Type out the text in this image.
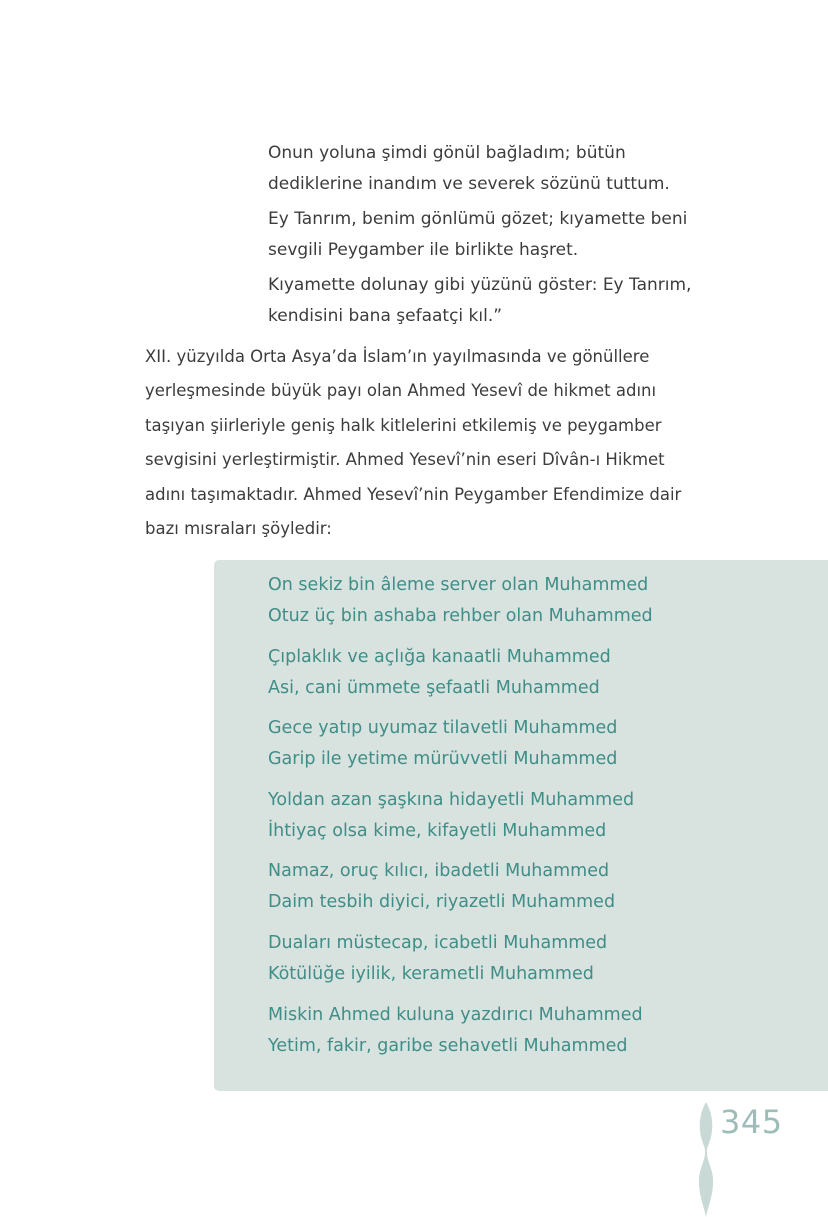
Onun yoluna şimdi gönül bağladım; bütün
dediklerine inandım ve severek sözünü tuttum.
Ey Tanrım, benim gönlümü gözet; kıyamette beni
sevgili Peygamber ile birlikte haşret.
Kıyamette dolunay gibi yüzünü göster: Ey Tanrım,
kendisini bana şefaatçi kıl.”
XII. yüzyılda Orta Asya’da İslam’ın yayılmasında ve gönüllere
yerleşmesinde büyük payı olan Ahmed Yesevî de hikmet adını
taşıyan şiirleriyle geniş halk kitlelerini etkilemiş ve peygamber
sevgisini yerleştirmiştir. Ahmed Yesevî’nin eseri Dîvân-ı Hikmet
adını taşımaktadır. Ahmed Yesevî’nin Peygamber Efendimize dair
bazı mısraları şöyledir:
On sekiz bin âleme server olan Muhammed
Otuz üç bin ashaba rehber olan Muhammed
Çıplaklık ve açlığa kanaatli Muhammed
Asi, cani ümmete şefaatli Muhammed
Gece yatıp uyumaz tilavetli Muhammed
Garip ile yetime mürüvvetli Muhammed
Yoldan azan şaşkına hidayetli Muhammed
İhtiyaç olsa kime, kifayetli Muhammed
Namaz, oruç kılıcı, ibadetli Muhammed
Daim tesbih diyici, riyazetli Muhammed
Duaları müstecap, icabetli Muhammed
Kötülüğe iyilik, kerametli Muhammed
Miskin Ahmed kuluna yazdırıcı Muhammed
Yetim, fakir, garibe sehavetli Muhammed
345
